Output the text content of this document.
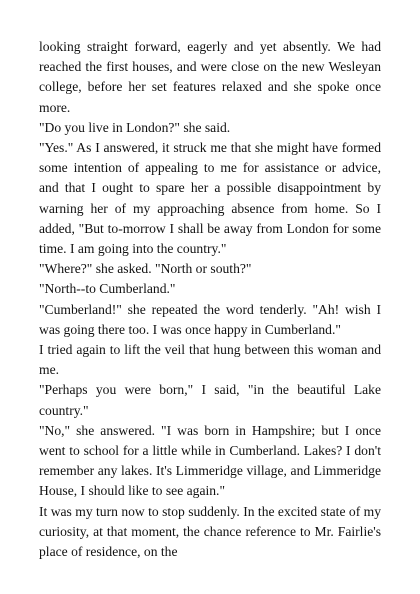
looking straight forward, eagerly and yet absently. We had reached the first houses, and were close on the new Wesleyan college, before her set features relaxed and she spoke once more.

"Do you live in London?" she said.

"Yes." As I answered, it struck me that she might have formed some intention of appealing to me for assistance or advice, and that I ought to spare her a possible disappointment by warning her of my approaching absence from home. So I added, "But to-morrow I shall be away from London for some time. I am going into the country."

"Where?" she asked. "North or south?"

"North--to Cumberland."

"Cumberland!" she repeated the word tenderly. "Ah! wish I was going there too. I was once happy in Cumberland."

I tried again to lift the veil that hung between this woman and me.

"Perhaps you were born," I said, "in the beautiful Lake country."

"No," she answered. "I was born in Hampshire; but I once went to school for a little while in Cumberland. Lakes? I don't remember any lakes. It's Limmeridge village, and Limmeridge House, I should like to see again."

It was my turn now to stop suddenly. In the excited state of my curiosity, at that moment, the chance reference to Mr. Fairlie's place of residence, on the
